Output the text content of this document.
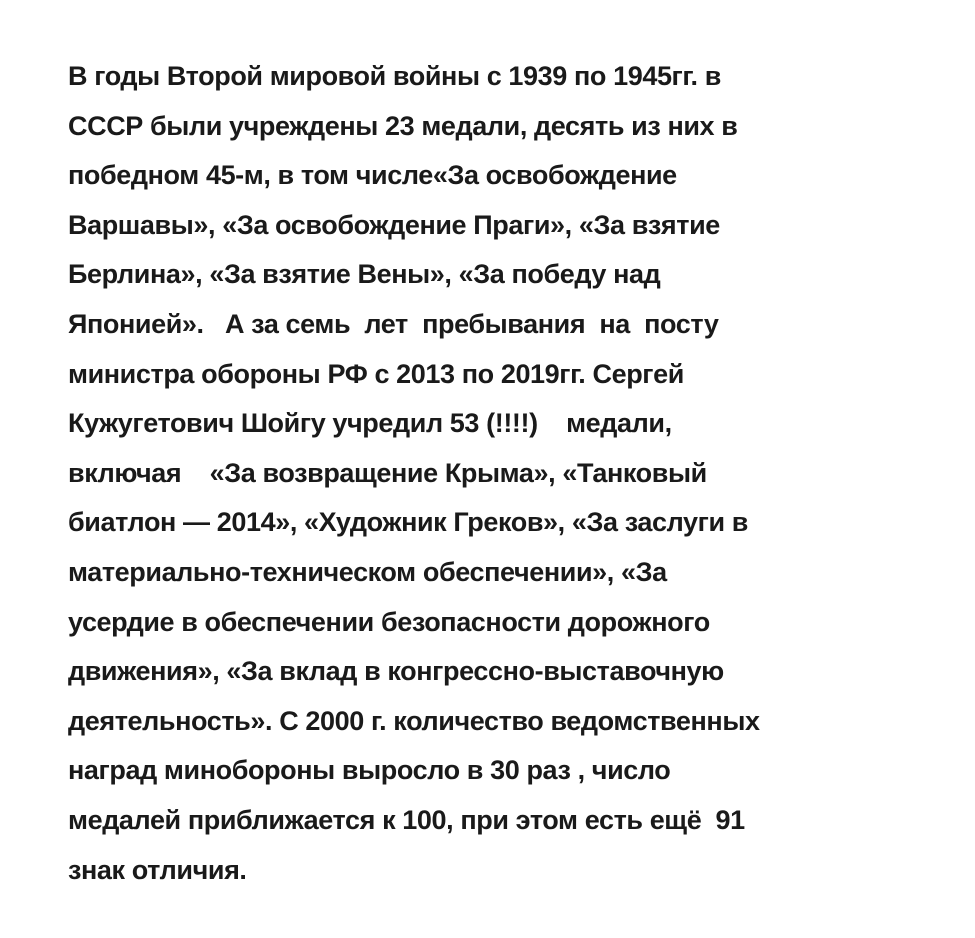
В годы Второй мировой войны с 1939 по 1945гг. в
СССР были учреждены 23 медали, десять из них в
победном 45-м, в том числе«За освобождение
Варшавы», «За освобождение Праги», «За взятие
Берлина», «За взятие Вены», «За победу над
Японией».   А за семь  лет  пребывания  на  посту
министра обороны РФ с 2013 по 2019гг. Сергей
Кужугетович Шойгу учредил 53 (!!!!)    медали,
включая    «За возвращение Крыма», «Танковый
биатлон — 2014», «Художник Греков», «За заслуги в
материально-техническом обеспечении», «За
усердие в обеспечении безопасности дорожного
движения», «За вклад в конгрессно-выставочную
деятельность». С 2000 г. количество ведомственных
наград минобороны выросло в 30 раз , число
медалей приближается к 100, при этом есть ещё  91
знак отличия.
